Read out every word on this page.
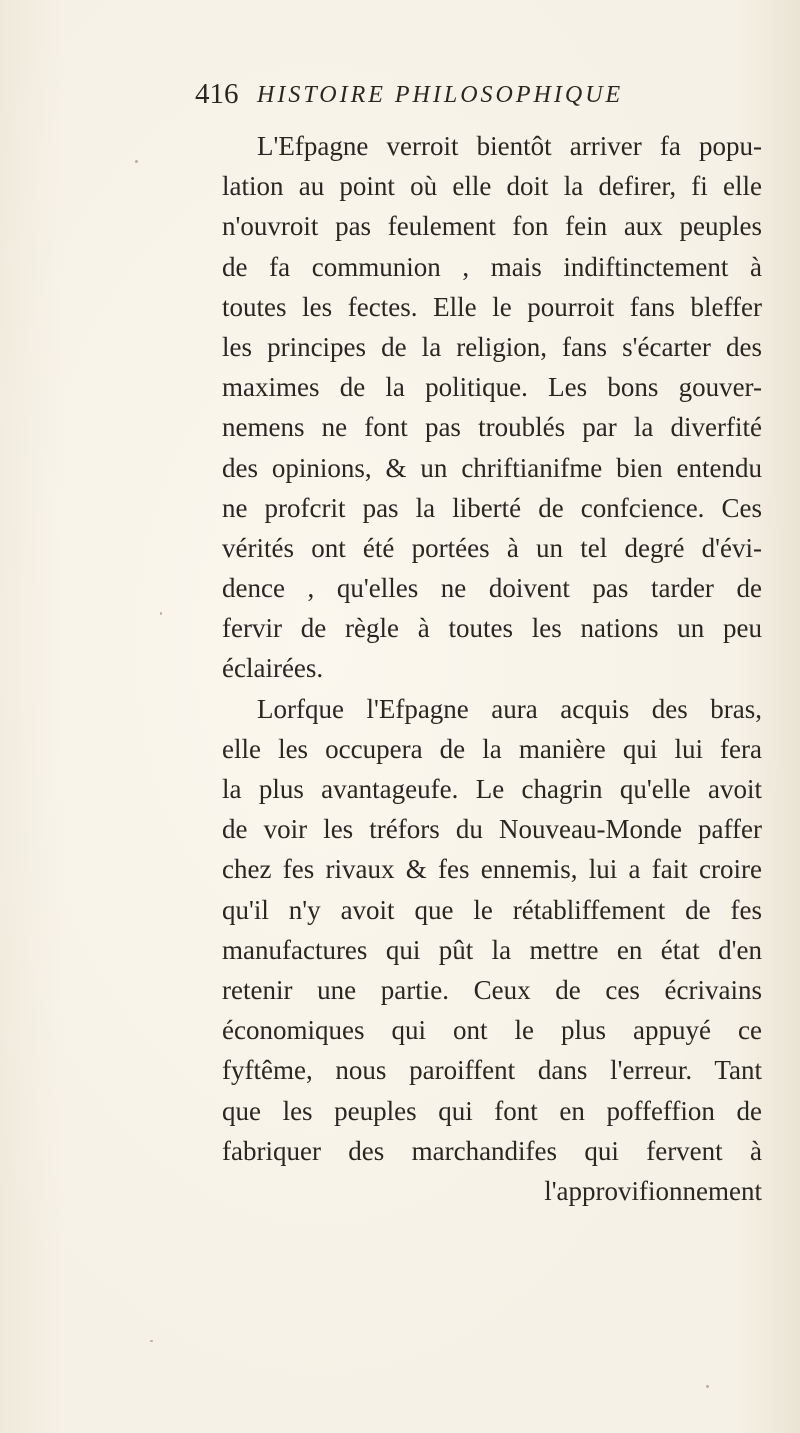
416 HISTOIRE PHILOSOPHIQUE
L'Efpagne verroit bientôt arriver fa popu-
lation au point où elle doit la defirer, fi elle
n'ouvroit pas feulement fon fein aux peuples
de fa communion , mais indiftinctement à
toutes les fectes. Elle le pourroit fans bleffer
les principes de la religion, fans s'écarter des
maximes de la politique. Les bons gouver-
nemens ne font pas troublés par la diverfité
des opinions, & un chriftianifme bien entendu
ne profcrit pas la liberté de confcience. Ces
vérités ont été portées à un tel degré d'évi-
dence , qu'elles ne doivent pas tarder de
fervir de règle à toutes les nations un peu
éclairées.
Lorfque l'Efpagne aura acquis des bras,
elle les occupera de la manière qui lui fera
la plus avantageufe. Le chagrin qu'elle avoit
de voir les tréfors du Nouveau-Monde paffer
chez fes rivaux & fes ennemis, lui a fait croire
qu'il n'y avoit que le rétabliffement de fes
manufactures qui pût la mettre en état d'en
retenir une partie. Ceux de ces écrivains
économiques qui ont le plus appuyé ce
fyftême, nous paroiffent dans l'erreur. Tant
que les peuples qui font en poffeffion de
fabriquer des marchandifes qui fervent à
l'approvifionnement
